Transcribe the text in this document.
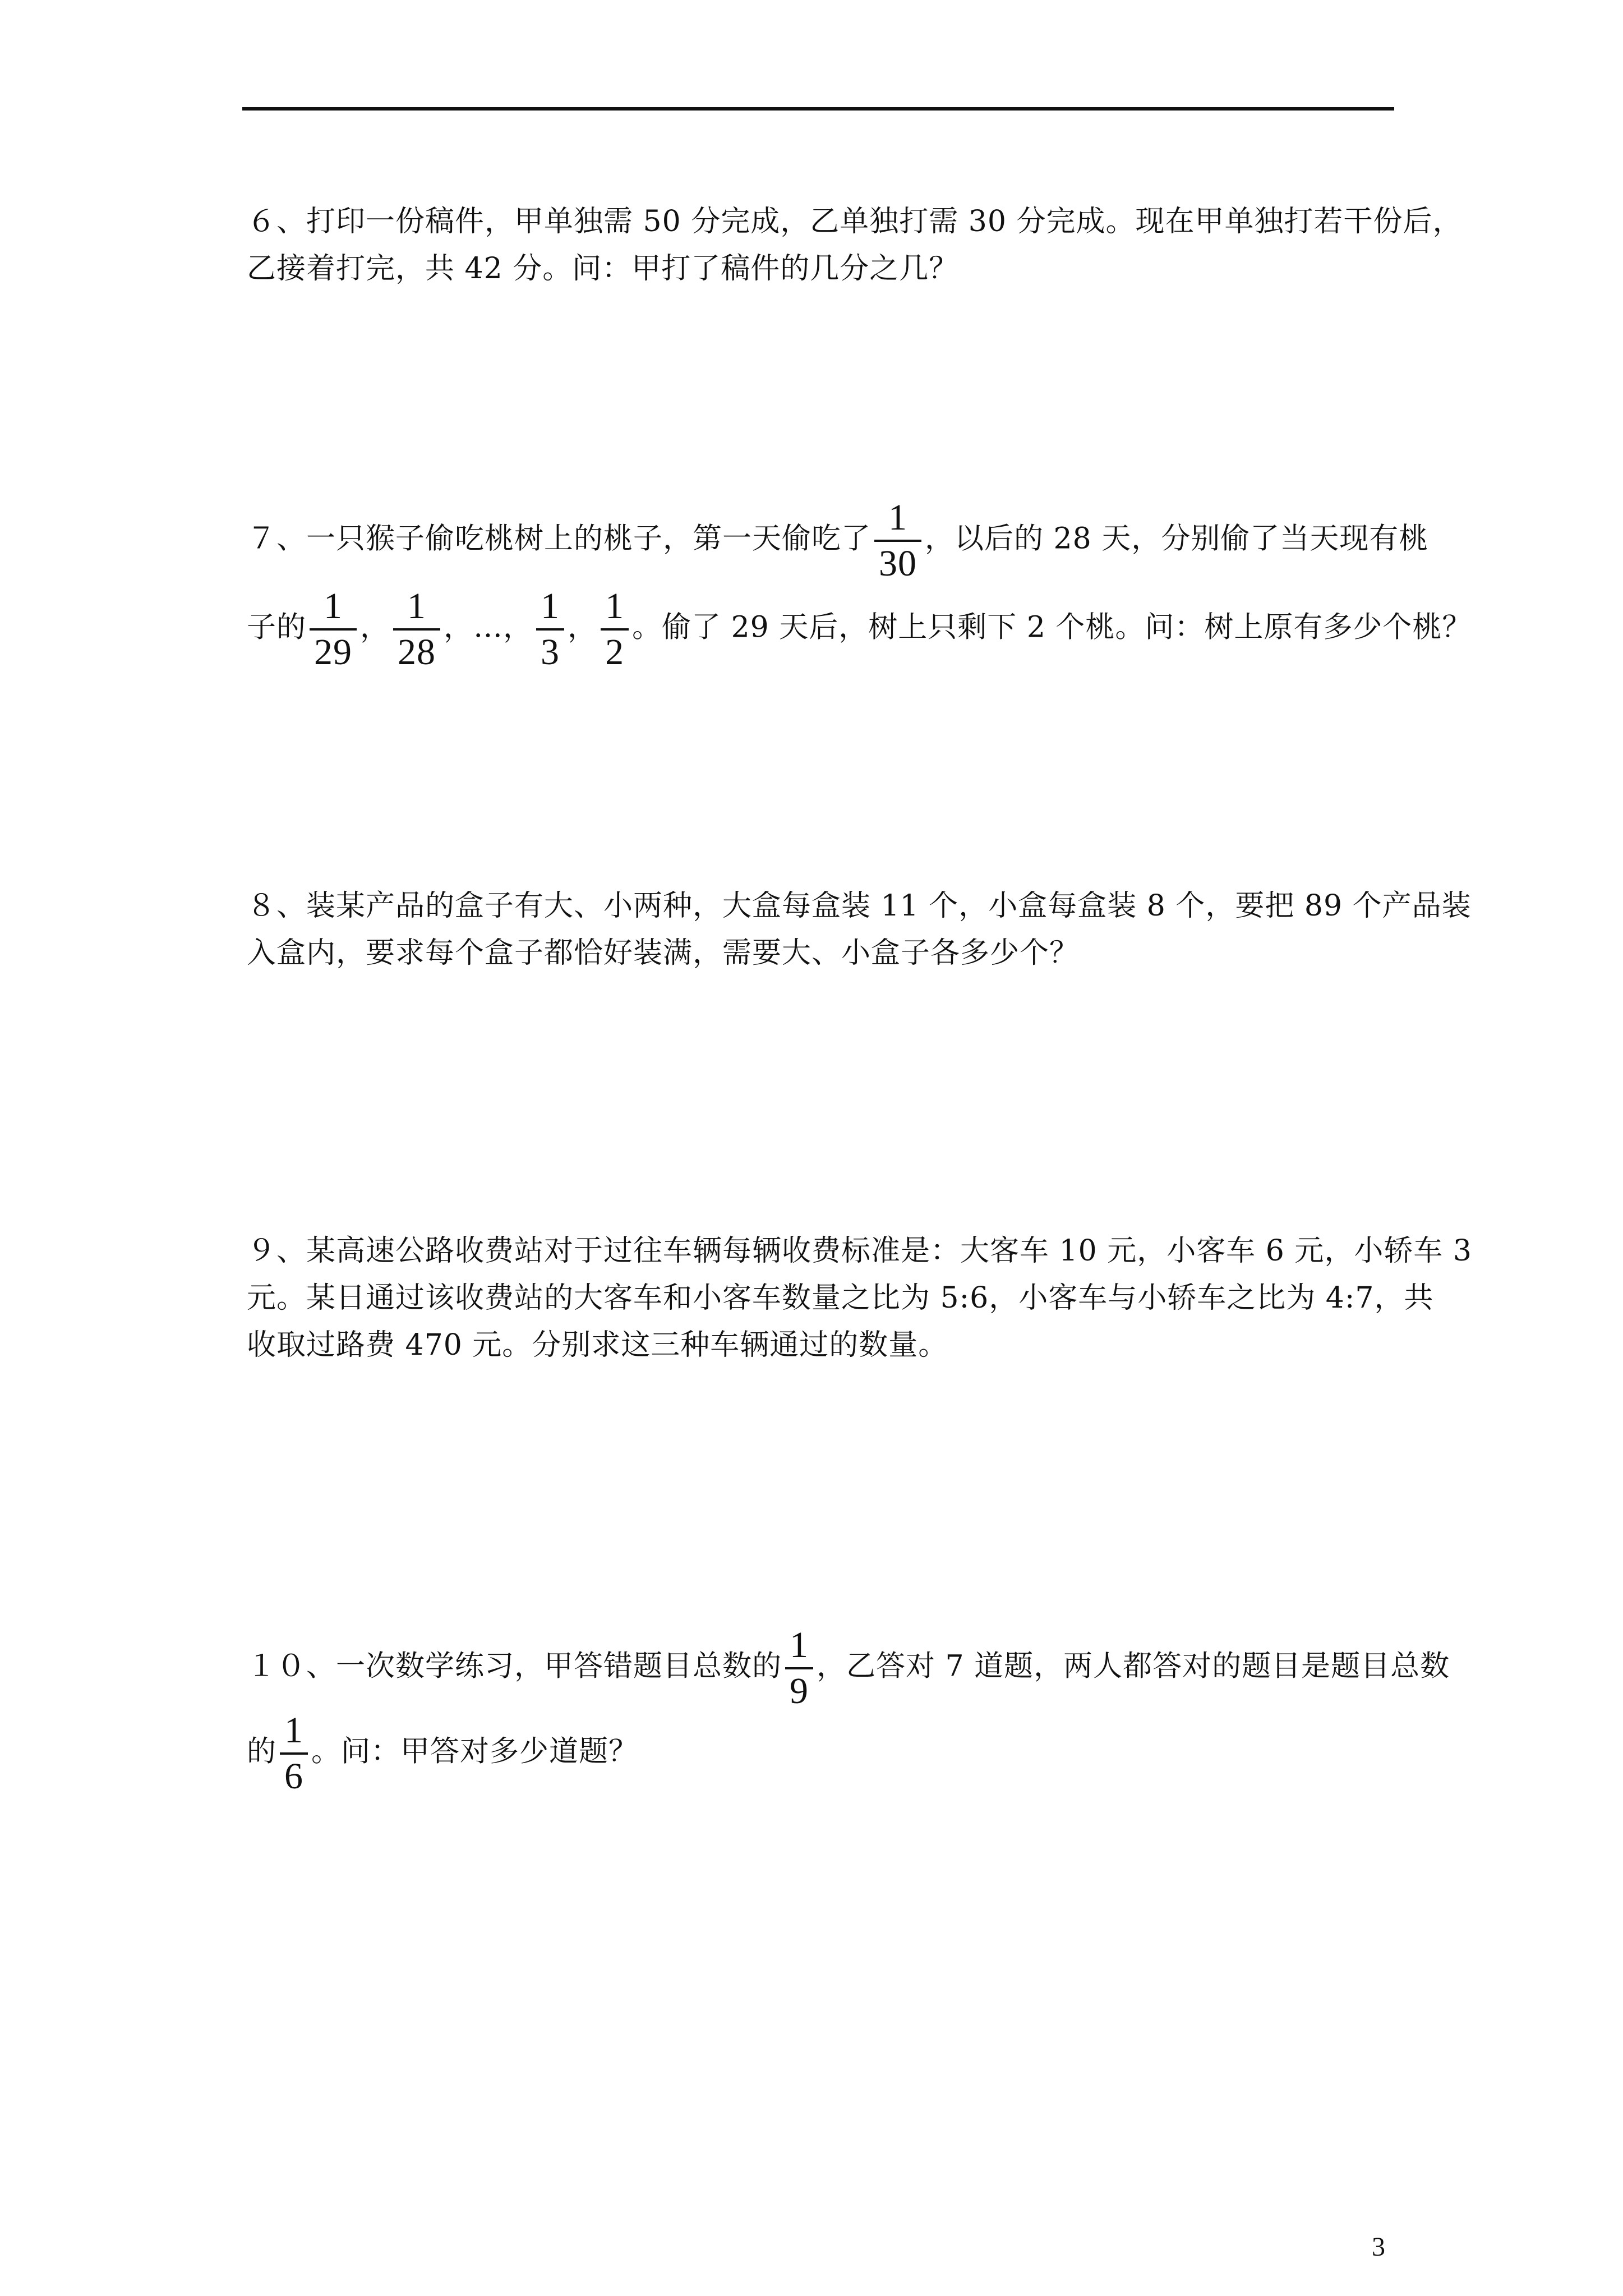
６、打印一份稿件，甲单独需 50 分完成，乙单独打需 30 分完成。现在甲单独打若干份后，
乙接着打完，共 42 分。问：甲打了稿件的几分之几？
７、一只猴子偷吃桃树上的桃子，第一天偷吃了 $\frac{1}{30}$ ，以后的 28 天，分别偷了当天现有桃
子的 $\frac{1}{29}$ ， $\frac{1}{28}$ ，…， $\frac{1}{3}$ ， $\frac{1}{2}$ 。偷了 29 天后，树上只剩下 2 个桃。问：树上原有多少个桃？
８、装某产品的盒子有大、小两种，大盒每盒装 11 个，小盒每盒装 8 个，要把 89 个产品装
入盒内，要求每个盒子都恰好装满，需要大、小盒子各多少个？
９、某高速公路收费站对于过往车辆每辆收费标准是：大客车 10 元，小客车 6 元，小轿车 3
元。某日通过该收费站的大客车和小客车数量之比为 5:6，小客车与小轿车之比为 4:7，共
收取过路费 470 元。分别求这三种车辆通过的数量。
１０、一次数学练习，甲答错题目总数的 $\frac{1}{9}$ ，乙答对 7 道题，两人都答对的题目是题目总数
的 $\frac{1}{6}$ 。问：甲答对多少道题？
3
